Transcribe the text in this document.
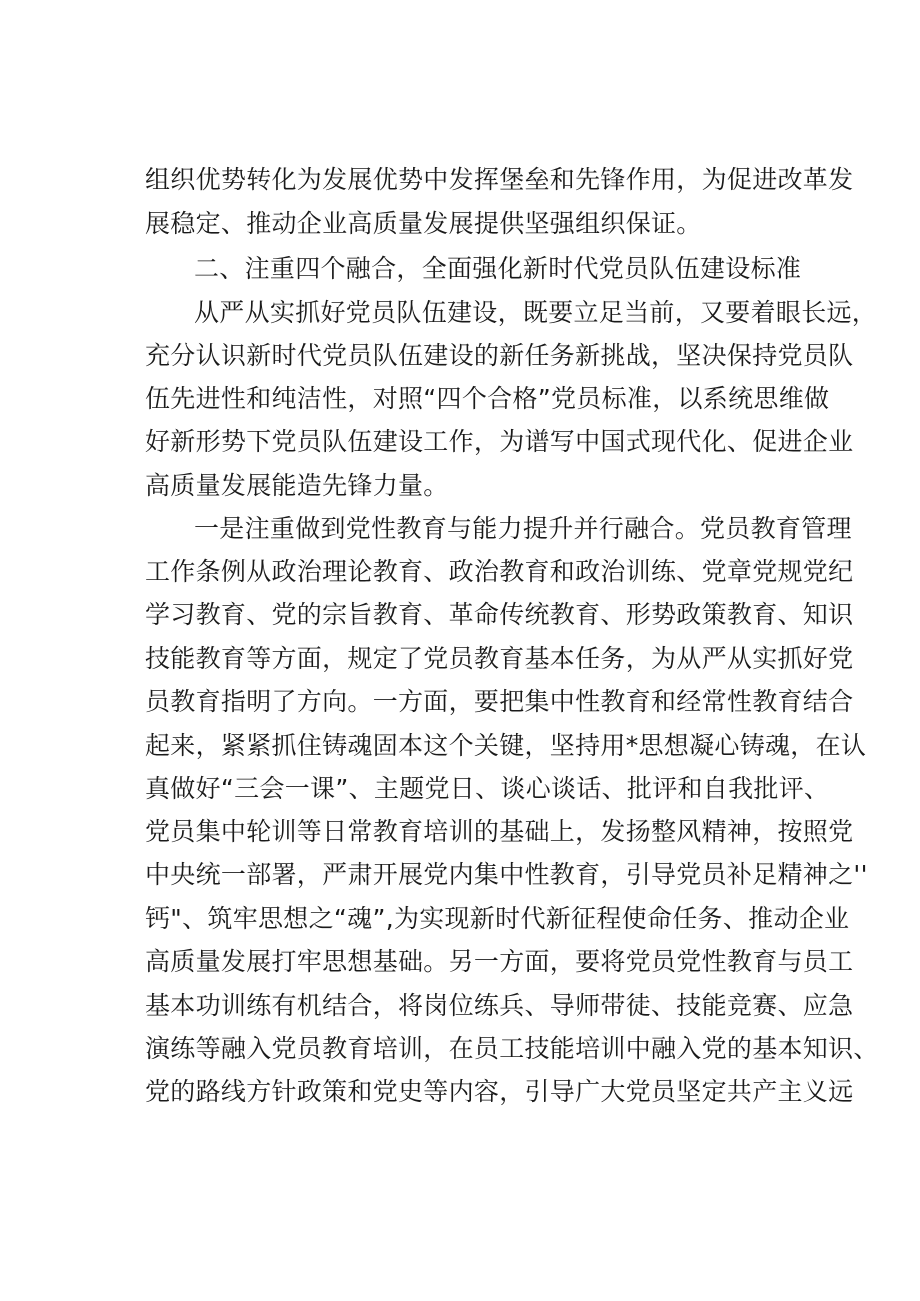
组织优势转化为发展优势中发挥堡垒和先锋作用，为促进改革发
展稳定、推动企业高质量发展提供坚强组织保证。
二、注重四个融合，全面强化新时代党员队伍建设标准
从严从实抓好党员队伍建设，既要立足当前，又要着眼长远，
充分认识新时代党员队伍建设的新任务新挑战，坚决保持党员队
伍先进性和纯洁性，对照“四个合格”党员标准，以系统思维做
好新形势下党员队伍建设工作，为谱写中国式现代化、促进企业
高质量发展能造先锋力量。
一是注重做到党性教育与能力提升并行融合。党员教育管理
工作条例从政治理论教育、政治教育和政治训练、党章党规党纪
学习教育、党的宗旨教育、革命传统教育、形势政策教育、知识
技能教育等方面，规定了党员教育基本任务，为从严从实抓好党
员教育指明了方向。一方面，要把集中性教育和经常性教育结合
起来，紧紧抓住铸魂固本这个关键，坚持用*思想凝心铸魂，在认
真做好“三会一课”、主题党日、谈心谈话、批评和自我批评、
党员集中轮训等日常教育培训的基础上，发扬整风精神，按照党
中央统一部署，严肃开展党内集中性教育，引导党员补足精神之''
钙"、筑牢思想之“魂”,为实现新时代新征程使命任务、推动企业
高质量发展打牢思想基础。另一方面，要将党员党性教育与员工
基本功训练有机结合，将岗位练兵、导师带徒、技能竞赛、应急
演练等融入党员教育培训，在员工技能培训中融入党的基本知识、
党的路线方针政策和党史等内容，引导广大党员坚定共产主义远
